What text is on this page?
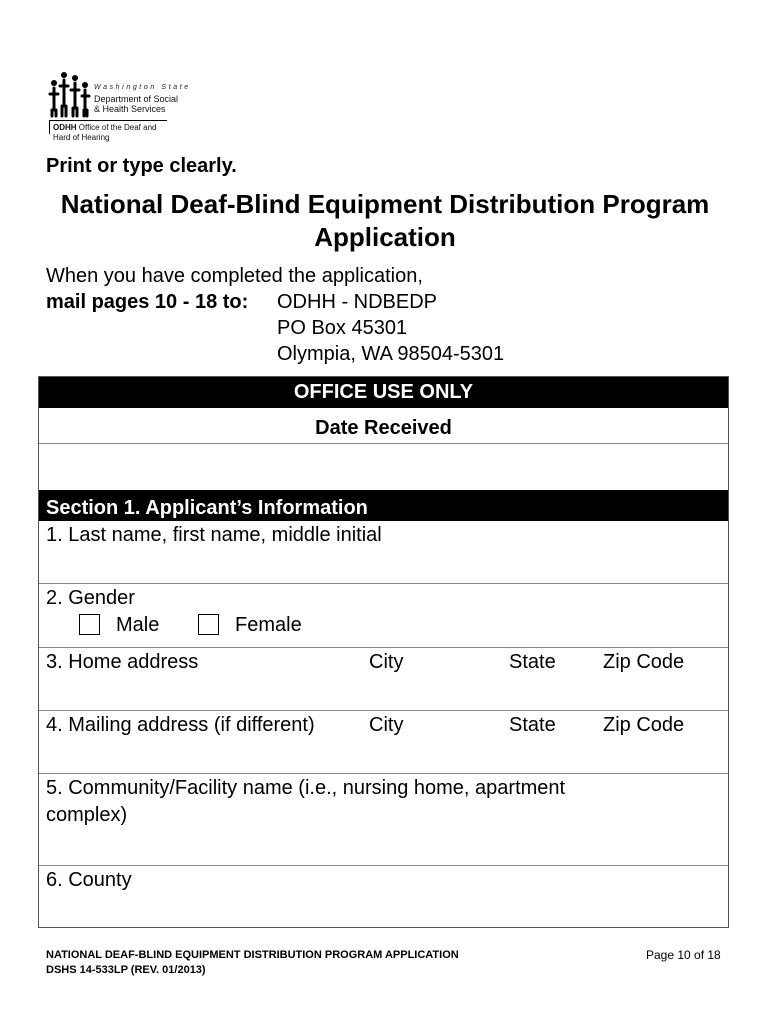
Washington State
Department of Social & Health Services
ODHH Office of the Deaf and Hard of Hearing
Print or type clearly.
National Deaf-Blind Equipment Distribution Program Application
When you have completed the application,
mail pages 10 - 18 to: ODHH - NDBEDP
PO Box 45301
Olympia, WA 98504-5301
OFFICE USE ONLY
Date Received
Section 1. Applicant’s Information
1. Last name, first name, middle initial
2. Gender
Male	Female
3. Home address	City	State Zip Code
4. Mailing address (if different)	City	State Zip Code
5. Community/Facility name (i.e., nursing home, apartment
complex)
6. County
NATIONAL DEAF-BLIND EQUIPMENT DISTRIBUTION PROGRAM APPLICATION
DSHS 14-533LP (REV. 01/2013)
Page 10 of 18
